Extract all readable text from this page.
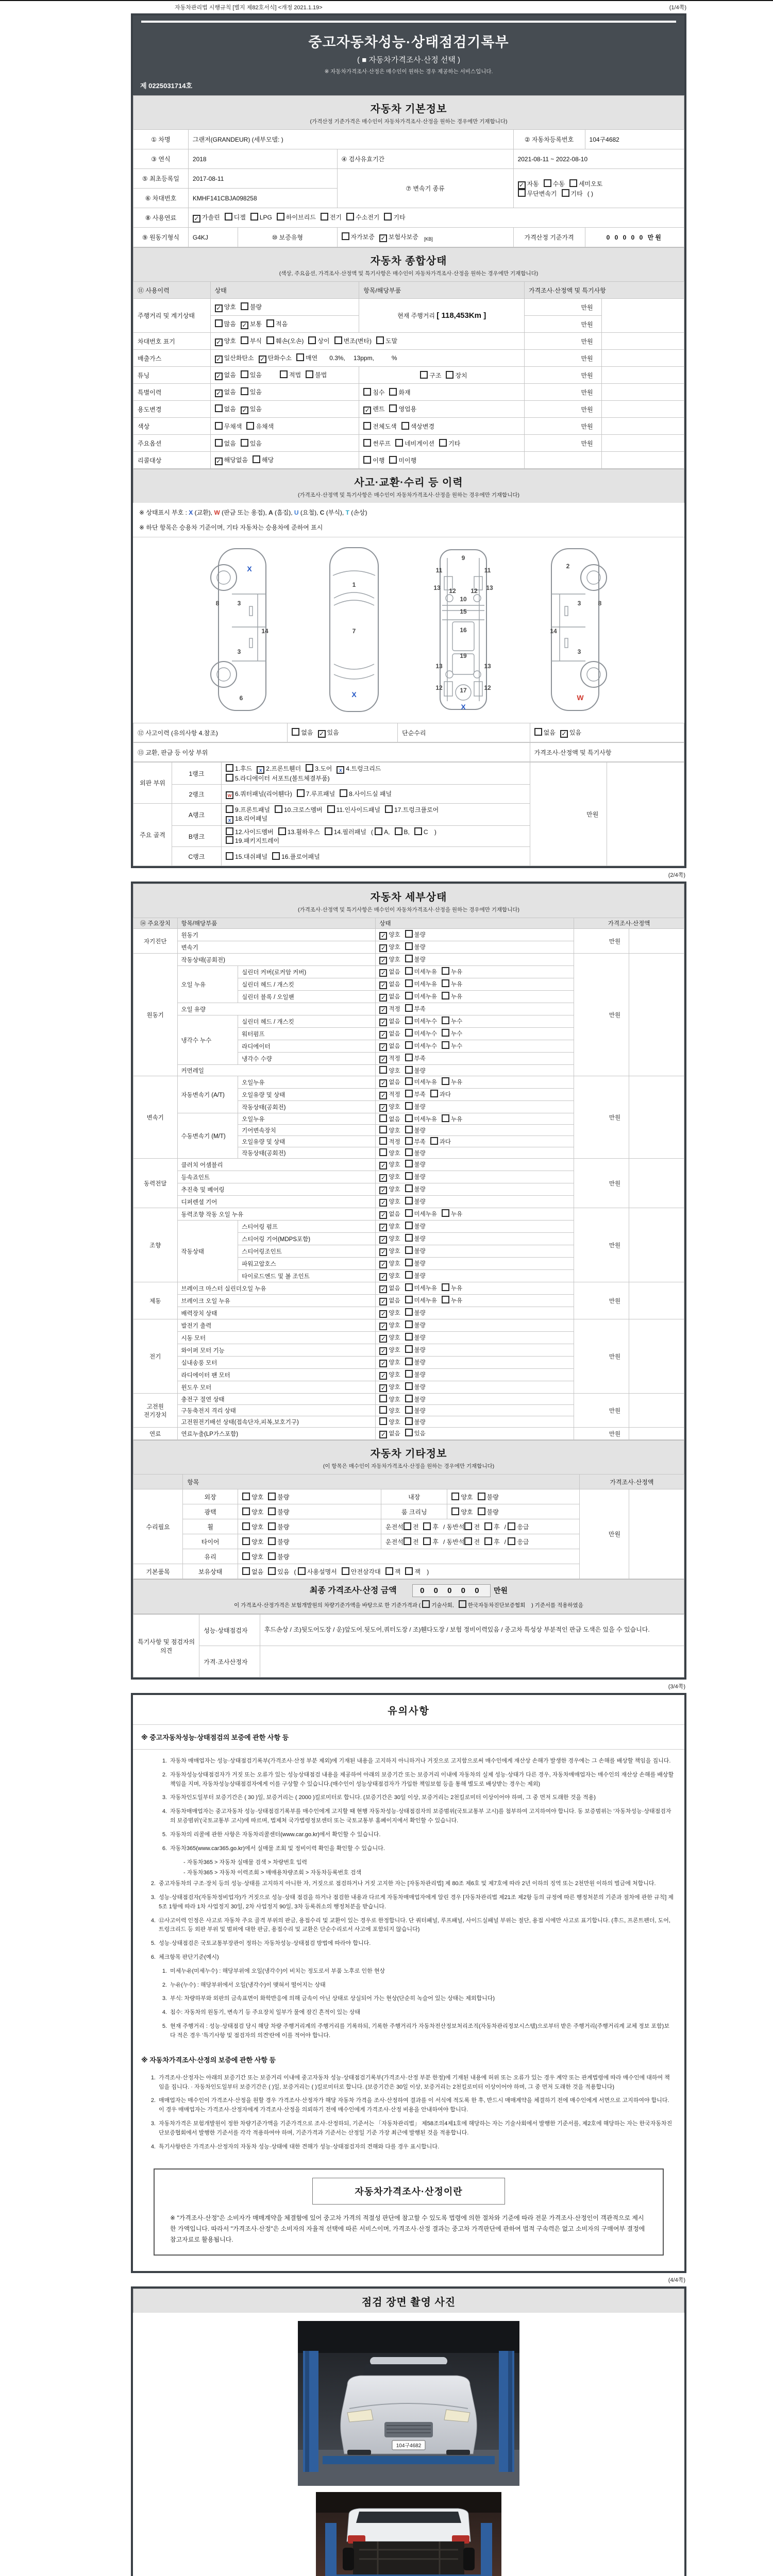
자동차관리법 시행규칙 [별지 제82호서식] <개정 2021.1.19>	(1/4쪽)
중고자동차성능·상태점검기록부
( ■ 자동차가격조사·산정 선택 )
※ 자동차가격조사·산정은 매수인이 원하는 경우 제공하는 서비스입니다.
제 0225031714호
자동차 기본정보

(가격산정 기준가격은 매수인이 자동차가격조사·산정을 원하는 경우에만 기재합니다)

① 차명	그랜저(GRANDEUR) (세부모델: )			② 자동차등록번호	104구4682
③ 연식	2018		④ 검사유효기간	2021-08-11 ~ 2022-08-10	
⑤ 최초등록일	2017-08-11		⑦ 변속기 종류	✓자동 수동 세미오토
무단변속기 기타 ( )
⑥ 차대번호	KMHF141CBJA098258				
⑧ 사용연료	✓가솔린 디젤 LPG 하이브리드 전기 수소전기 기타
⑨ 원동기형식	G4KJ	⑩ 보증유형	자가보증 ✓ 보험사보증 $_{[KB]}$	가격산정 기준가격	0 0 0 0 0 만원
자동차 종합상태

(색상, 주요옵션, 가격조사·산정액 및 특기사항은 매수인이 자동차가격조사·산정을 원하는 경우에만 기재합니다)

⑪ 사용이력	상태	항목/해당부품	가격조사·산정액 및 특기사항	
주행거리 및 계기상태	✓양호 불량	현재 주행거리 [ 118,453Km ]	만원	
	많음 ✓ 보통 적음		만원	
차대번호 표기	✓양호 부식 훼손(오손) 상이 변조(변타) 도말		만원	
배출가스	✓일산화탄소 ✓ 탄화수소 매연 0.3%, 13ppm, %		만원	
튜닝	✓없음 있음 적법 불법	구조 장치	만원	
특별이력	✓없음 있음	침수 화재	만원	
용도변경	없음 ✓ 있음	✓렌트 영업용	만원	
색상	무채색 유채색	전체도색 색상변경	만원	
주요옵션	없음 있음	썬루프 네비게이션 기타	만원	
리콜대상	✓해당없음 해당	이행 미이행		
사고·교환·수리 등 이력

(가격조사·산정액 및 특기사항은 매수인이 자동차가격조사·산정을 원하는 경우에만 기재합니다)

※ 상태표시 부호 : X (교환), W (판금 또는 용접), A (흠집), U (요철), C (부식), T (손상)
※ 하단 항목은 승용차 기준이며, 기타 자동차는 승용차에 준하여 표시
X
8	3
14
3
6
1
7
X
9
11	11
13 12 12 13
10
15
16
19
13	13
12	17	12
X
2
8
3
14
3
W
⑫ 사고이력 (유의사항 4.참조)	없음 ✓ 있음	단순수리	없음 ✓ 있음
⑬ 교환, 판금 등 이상 부위	가격조사·산정액 및 특기사항
외판 부위	1랭크	1.후드 x 2.프론트휀더 3.도어 x 4.트렁크리드
5.라디에이터 서포트(볼트체결부품)	만원	
	2랭크	w6.쿼터패널(리어휀다) 7.루프패널 8.사이드실 패널
주요 골격	A랭크	9.프론트패널 10.크로스멤버 11.인사이드패널 17.트렁크플로어
x18.리어패널
	B랭크	12.사이드멤버 13.휠하우스 14.필러패널 ( A, B, C )
19.패키지트레이		
	C랭크	15.대쉬패널 16.플로어패널		
(2/4쪽)
자동차 세부상태

(가격조사·산정액 및 특기사항은 매수인이 자동차가격조사·산정을 원하는 경우에만 기재합니다)

⑭ 주요장치	항목/해당부품		상태	가격조사·산정액	
자기진단	원동기	✓양호 불량	만원	
	변속기	✓양호 불량
원동기	작동상태(공회전)	✓양호 불량	만원	
	오일 누유	실린더 커버(로커암 커버)	✓없음 미세누유 누유
		실린더 헤드 / 개스킷	✓없음 미세누유 누유
		실린더 블록 / 오일팬	✓없음 미세누유 누유
	오일 유량	✓적정 부족
	냉각수 누수	실린더 헤드 / 개스킷	✓없음 미세누수 누수
		워터펌프	✓없음 미세누수 누수
		라디에이터	✓없음 미세누수 누수
		냉각수 수량	✓적정 부족
	커먼레일		양호 불량		
변속기	자동변속기 (A/T)	오일누유	✓없음 미세누유 누유	만원	
		오일유량 및 상태	✓적정 부족 과다
		작동상태(공회전)	✓양호 불량
	수동변속기 (M/T)	오일누유	없음 미세누유 누유		
		기어변속장치	양호 불량		
		오일유량 및 상태	적정 부족 과다		
		작동상태(공회전)	양호 불량		
동력전달	클러치 어셈블리	✓양호 불량	만원	
	등속죠인트	✓양호 불량
	추진축 및 베어링	✓양호 불량
	디퍼렌셜 기어	✓양호 불량
조향	동력조향 작동 오일 누유	✓없음 미세누유 누유	만원	
	작동상태	스티어링 펌프	✓양호 불량
		스티어링 기어(MDPS포함)	✓양호 불량
		스티어링조인트	✓양호 불량
		파워고압호스	✓양호 불량
		타이로드엔드 및 볼 조인트	✓양호 불량
제동	브레이크 마스터 실린더오일 누유	✓없음 미세누유 누유	만원	
	브레이크 오일 누유	✓없음 미세누유 누유
	배력장치 상태	✓양호 불량
전기	발전기 출력	✓양호 불량	만원	
	시동 모터	✓양호 불량
	와이퍼 모터 기능	✓양호 불량
	실내송풍 모터	✓양호 불량
	라디에이터 팬 모터	✓양호 불량
	윈도우 모터	✓양호 불량
고전원 전기장치	충전구 절연 상태		양호 불량	만원	
	구동축전지 격리 상태		양호 불량		
	고전원전기배선 상태(접속단자,피복,보호기구)		양호 불량		
연료	연료누출(LP가스포함)	✓없음 있음	만원	
자동차 기타정보

(이 항목은 매수인이 자동차가격조사·산정을 원하는 경우에만 기재합니다)

	항목				가격조사·산정액	
수리필요	외장	양호 불량	내장	양호 불량	만원	
	광택	양호 불량	룸 크리닝	양호 불량		
	휠	양호 불량	운전석 전 후 / 동반석 전 후 / 응급			
	타이어	양호 불량	운전석 전 후 / 동반석 전 후 / 응급			
	유리	양호 불량				
기본품목	보유상태	없음 있음 ( 사용설명서 안전삼각대 잭 잭 )				
최종 가격조사·산정 금액	0 0 0 0 0 만원
이 가격조사·산정가격은 보험개발원의 차량기준가액을 바탕으로 한 기준가격과 ( 기술사회,	한국자동차진단보증협회 ) 기준서를 적용하였음
특기사항 및 점검자의 의견	성능·상태점검자	후드손상 / 조)뒷도어도장 / 운)앞도어.뒷도어,쿼터도장 / 조)휀다도장 / 보험 정비이력있음 / 중고차 특성상 부분적인 판금 도색은 있을 수 있습니다.
	가격·조사산정자	
(3/4쪽)
유의사항
※ 중고자동차성능·상태점검의 보증에 관한 사항 등
1. 자동차 매매업자는 성능·상태점검기록부(가격조사·산정 부분 제외)에 기재된 내용을 고지하지 아니하거나 거짓으로 고지함으로써 매수인에게 재산상 손해가 발생한 경우에는 그 손해를 배상할 책임을 집니다.
2. 자동차성능상태점검자가 거짓 또는 오류가 있는 성능상태점검 내용을 제공하여 아래의 보증기간 또는 보증거리 이내에 자동차의 실제 성능·상태가 다른 경우, 자동차매매업자는 매수인의 재산상 손해를 배상할 책임을 지며, 자동차성능상태점검자에게 이를 구상할 수 있습니다.(매수인이 성능상태점검자가 가입한 책임보험 등을 통해 별도로 배상받는 경우는 제외)
3. 자동차인도일부터 보증기간은 ( 30 )일, 보증거리는 ( 2000 )킬로미터로 합니다. (보증기간은 30일 이상, 보증거리는 2천킬로미터 이상이어야 하며, 그 중 먼저 도래한 것을 적용)
4. 자동차매매업자는 중고자동차 성능·상태점검기록부를 매수인에게 고지할 때 현행 자동차성능·상태점검자의 보증범위(국토교통부 고시)를 첨부하여 고지하여야 합니다. 동 보증범위는 '자동차성능·상태점검자의 보증범위'(국토교통부 고시)에 따르며, 법제처 국가법령정보센터 또는 국토교통부 홈페이지에서 확인할 수 있습니다.
5. 자동차의 리콜에 관한 사항은 자동차리콜센터(www.car.go.kr)에서 확인할 수 있습니다.
6. 자동차365(www.car365.go.kr)에서 실매물 조회 및 정비이력 확인을 확인할 수 있습니다.
- 자동차365 > 자동차 실매물 검색 > 차량번호 입력
- 자동차365 > 자동차 이력조회 > 매매용차량조회 > 자동차등록번호 검색
2. 중고자동차의 구조·장치 등의 성능·상태를 고지하지 아니한 자, 거짓으로 점검하거나 거짓 고지한 자는 [자동차관리법] 제 80조 제6호 및 제7호에 따라 2년 이하의 징역 또는 2천만원 이하의 벌금에 처합니다.
3. 성능·상태점검자(자동차정비업자)가 거짓으로 성능·상태 점검을 하거나 점검한 내용과 다르게 자동차매매업자에게 알린 경우 [자동차관리법 제21조 제2항 등의 규정에 따른 행정처분의 기준과 절차에 관한 규칙] 제5조 1항에 따라 1차 사업정지 30일, 2차 사업정지 90일, 3차 등록취소의 행정처분을 받습니다.
4. ⑫사고이력 인정은 사고로 자동차 주요 골격 부위의 판금, 용접수리 및 교환이 있는 경우로 한정합니다. 단 쿼터패널, 루프패널, 사이드실패널 부위는 절단, 용접 시에만 사고로 표기합니다. (후드, 프론트펜더, 도어, 트렁크리드 등 외판 부위 및 범퍼에 대한 판금, 용접수리 및 교환은 단순수리로서 사고에 포함되지 않습니다)
5. 성능·상태점검은 국토교통부장관이 정하는 자동차성능·상태점검 방법에 따라야 합니다.
6. 체크항목 판단기준(예시)
1. 미세누유(미세누수) : 해당부위에 오일(냉각수)이 비치는 정도로서 부품 노후로 인한 현상
2. 누유(누수) : 해당부위에서 오일(냉각수)이 맺혀서 떨어지는 상태
3. 부식: 차량하부와 외판의 금속표면이 화학반응에 의해 금속이 아닌 상태로 상실되어 가는 현상(단순히 녹슬어 있는 상태는 제외합니다)
4. 침수: 자동차의 원동기, 변속기 등 주요장치 일부가 물에 잠긴 흔적이 있는 상태
5. 현재 주행거리 : 성능·상태점검 당시 해당 차량 주행거리계의 주행거리를 기록하되, 기록한 주행거리가 자동차전산정보처리조직(자동차관리정보시스템)으로부터 받은 주행거리(주행거리계 교체 정보 포함)보다 적은 경우 '특기사항 및 점검자의 의견'란에 이를 적어야 합니다.
※ 자동차가격조사·산정의 보증에 관한 사항 등
1. 가격조사·산정자는 아래의 보증기간 또는 보증거리 이내에 중고자동차 성능·상태점검기록부(가격조사·산정 부분 한정)에 기재된 내용에 허위 또는 오류가 있는 경우 계약 또는 관계법령에 따라 매수인에 대하여 책임을 집니다. · 자동차인도일부터 보증기간은 ( )일, 보증거리는 ( )킬로미터로 합니다. (보증기간은 30일 이상, 보증거리는 2천킬로미터 이상이어야 하며, 그 중 먼저 도래한 것을 적용합니다)
2. 매매업자는 매수인이 가격조사·산정을 원할 경우 가격조사·산정자가 해당 자동차 가격을 조사·산정하여 결과를 이 서식에 적도록 한 후, 반드시 매매계약을 체결하기 전에 매수인에게 서면으로 고지하여야 합니다. 이 경우 매매업자는 가격조사·산정자에게 가격조사·산정을 의뢰하기 전에 매수인에게 가격조사·산정 비용을 안내하여야 합니다.
3. 자동차가격은 보험개발원이 정한 차량기준가액을 기준가격으로 조사·산정하되, 기준서는 「자동차관리법」 제58조의4제1호에 해당하는 자는 기술사회에서 발행한 기준서를, 제2호에 해당하는 자는 한국자동차진단보증협회에서 발행한 기준서를 각각 적용하여야 하며, 기준가격과 기준서는 산정일 기준 가장 최근에 발행된 것을 적용합니다.
4. 특기사항란은 가격조사·산정자의 자동차 성능·상태에 대한 견해가 성능·상태점검자의 견해와 다를 경우 표시합니다.
자동차가격조사·산정이란

※ "가격조사·산정"은 소비자가 매매계약을 체결함에 있어 중고차 가격의 적절성 판단에 참고할 수 있도록 법령에 의한 절차와 기준에 따라 전문 가격조사·산정인이 객관적으로 제시한 가액입니다. 따라서 "가격조사·산정"은 소비자의 자율적 선택에 따른 서비스이며, 가격조사·산정 결과는 중고차 가격판단에 관하여 법적 구속력은 없고 소비자의 구매여부 결정에 참고자료로 활용됩니다.

(4/4쪽)
점검 장면 촬영 사진
104구4682
